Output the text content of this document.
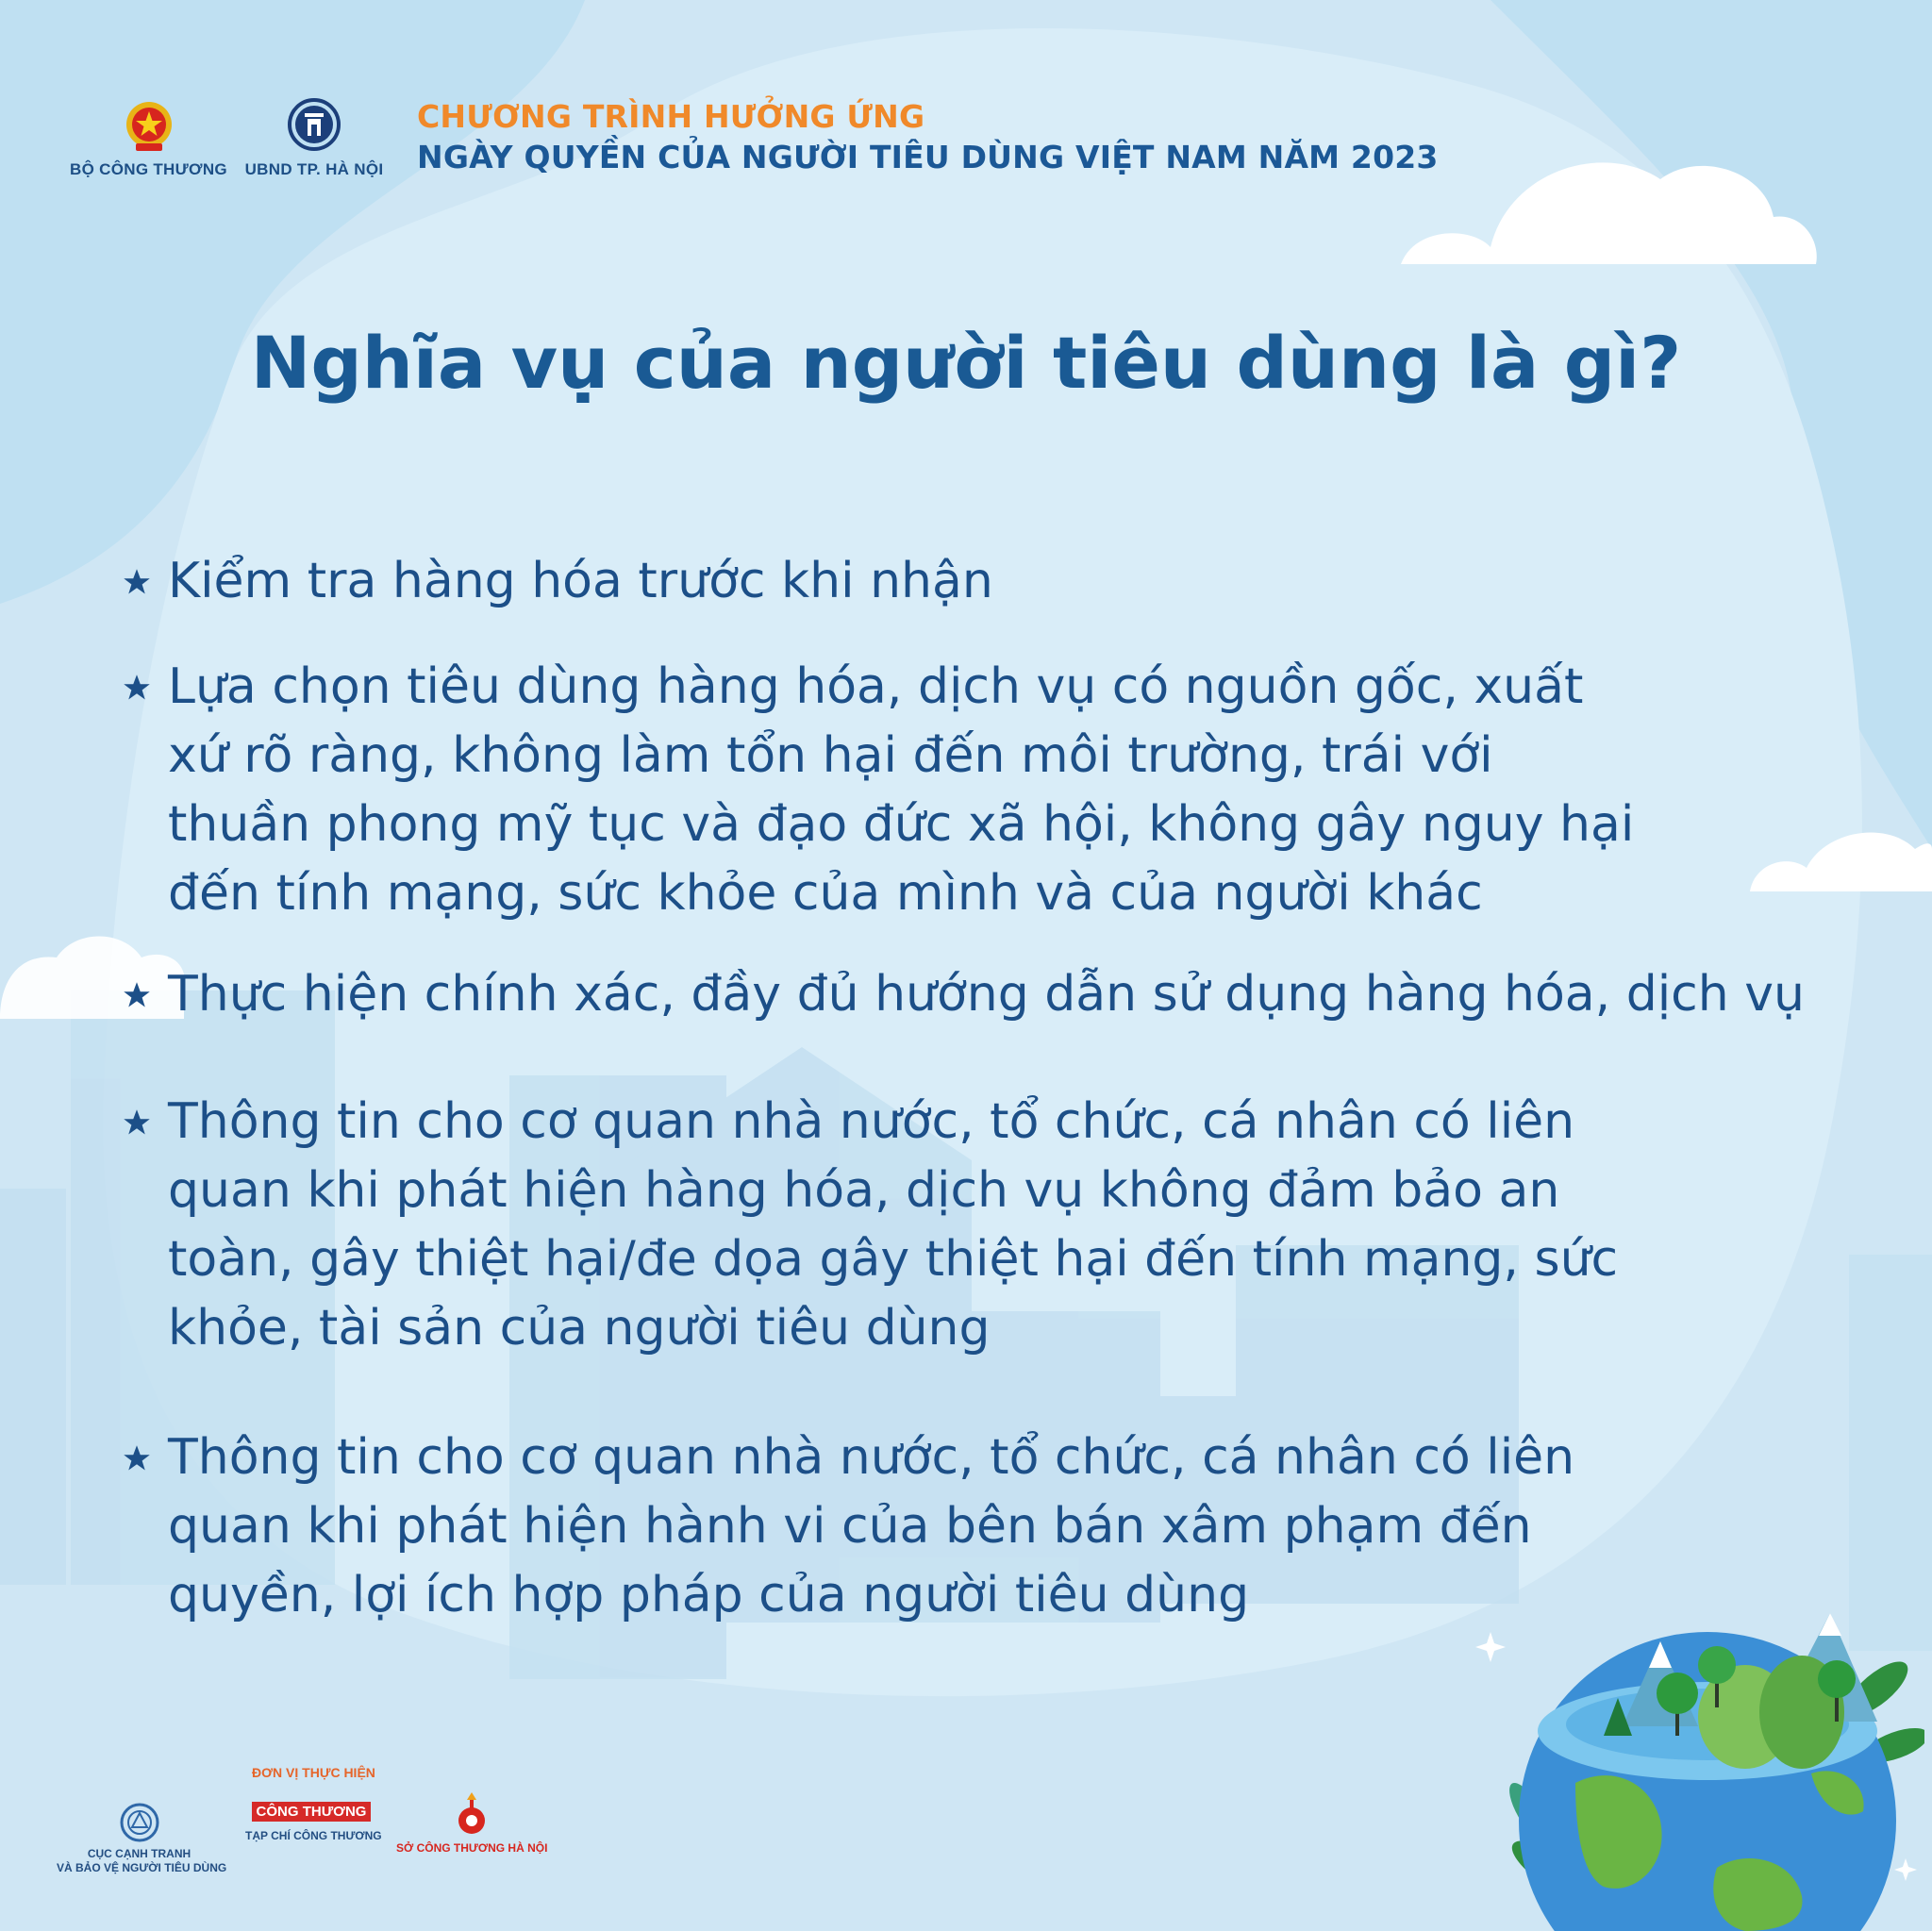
BỘ CÔNG THƯƠNG UBND TP. HÀ NỘI
CHƯƠNG TRÌNH HƯỞNG ỨNG
NGÀY QUYỀN CỦA NGƯỜI TIÊU DÙNG VIỆT NAM NĂM 2023
Nghĩa vụ của người tiêu dùng là gì?
Kiểm tra hàng hóa trước khi nhận
Lựa chọn tiêu dùng hàng hóa, dịch vụ có nguồn gốc, xuất
xứ rõ ràng, không làm tổn hại đến môi trường, trái với
thuần phong mỹ tục và đạo đức xã hội, không gây nguy hại
đến tính mạng, sức khỏe của mình và của người khác
Thực hiện chính xác, đầy đủ hướng dẫn sử dụng hàng hóa, dịch vụ
Thông tin cho cơ quan nhà nước, tổ chức, cá nhân có liên
quan khi phát hiện hàng hóa, dịch vụ không đảm bảo an
toàn, gây thiệt hại/đe dọa gây thiệt hại đến tính mạng, sức
khỏe, tài sản của người tiêu dùng
Thông tin cho cơ quan nhà nước, tổ chức, cá nhân có liên
quan khi phát hiện hành vi của bên bán xâm phạm đến
quyền, lợi ích hợp pháp của người tiêu dùng
ĐƠN VỊ THỰC HIỆN
CỤC CẠNH TRANH
VÀ BẢO VỆ NGƯỜI TIÊU DÙNG
CÔNG THƯƠNG
TẠP CHÍ CÔNG THƯƠNG
SỞ CÔNG THƯƠNG HÀ NỘI
